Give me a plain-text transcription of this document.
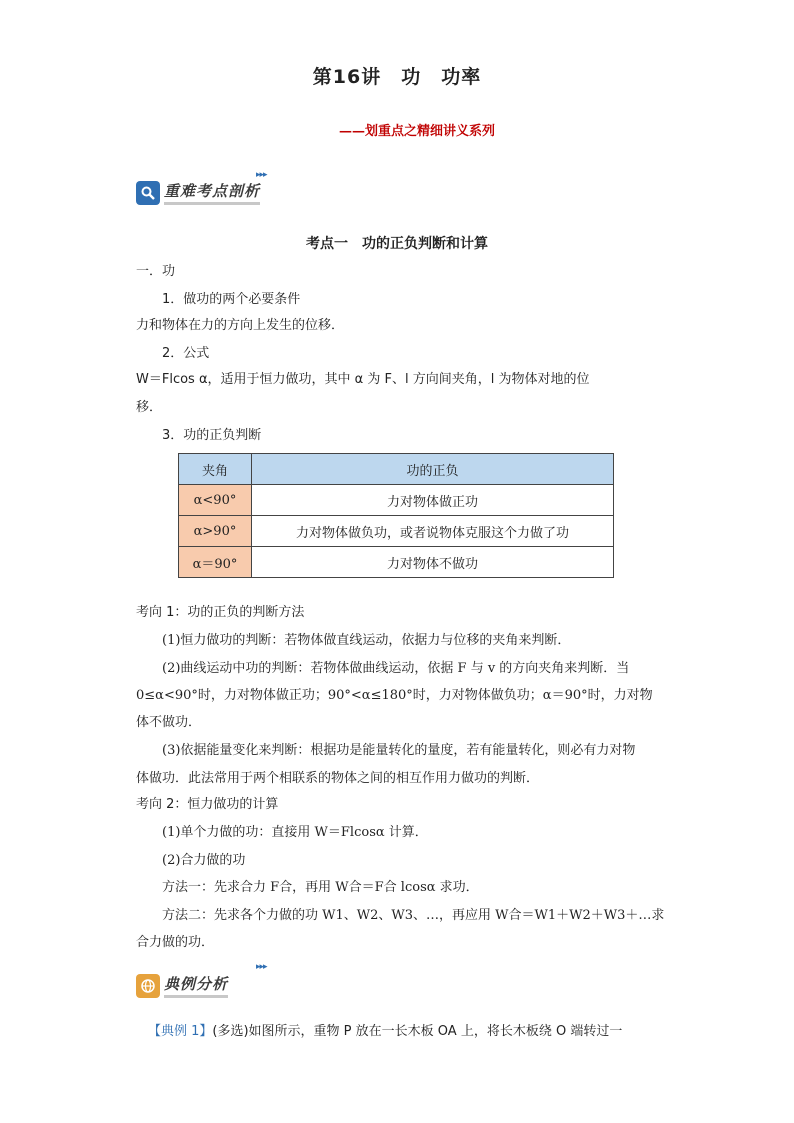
第16讲　功　功率
——划重点之精细讲义系列
重难考点剖析
▸▸▸
考点一　功的正负判断和计算
一．功
1．做功的两个必要条件
力和物体在力的方向上发生的位移．
2．公式
W＝Flcos α，适用于恒力做功，其中 α 为 F、l 方向间夹角，l 为物体对地的位
移．
3．功的正负判断
夹角	功的正负
α<90°	力对物体做正功
α>90°	力对物体做负功，或者说物体克服这个力做了功
α＝90°	力对物体不做功
考向 1：功的正负的判断方法
(1)恒力做功的判断：若物体做直线运动，依据力与位移的夹角来判断．
(2)曲线运动中功的判断：若物体做曲线运动，依据 F 与 v 的方向夹角来判断．当
0≤α<90°时，力对物体做正功；90°<α≤180°时，力对物体做负功；α＝90°时，力对物
体不做功．
(3)依据能量变化来判断：根据功是能量转化的量度，若有能量转化，则必有力对物
体做功．此法常用于两个相联系的物体之间的相互作用力做功的判断．
考向 2：恒力做功的计算
(1)单个力做的功：直接用 W＝Flcosα 计算．
(2)合力做的功
方法一：先求合力 F合，再用 W合＝F合 lcosα 求功．
方法二：先求各个力做的功 W1、W2、W3、…，再应用 W合＝W1＋W2＋W3＋…求
合力做的功．
典例分析
▸▸▸
【典例 1】(多选)如图所示，重物 P 放在一长木板 OA 上，将长木板绕 O 端转过一
